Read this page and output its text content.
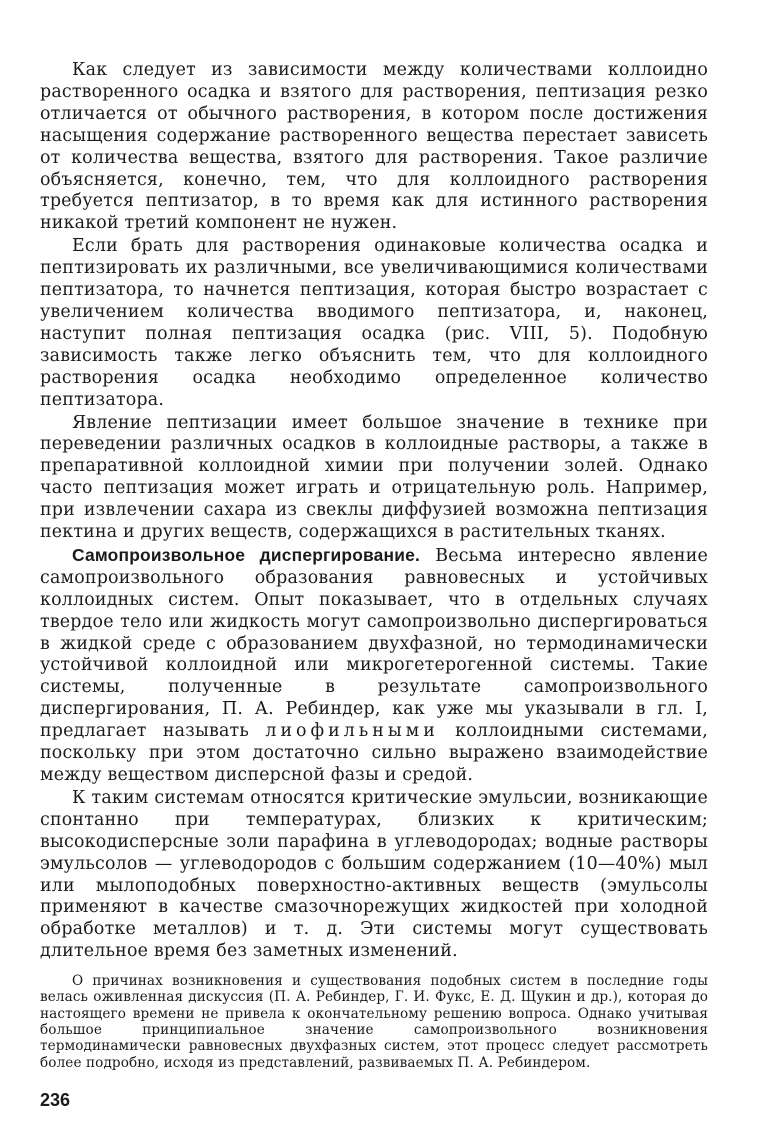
Как следует из зависимости между количествами коллоидно растворенного осадка и взятого для растворения, пептизация резко отличается от обычного растворения, в котором после достижения насыщения содержание растворенного вещества перестает зависеть от количества вещества, взятого для растворения. Такое различие объясняется, конечно, тем, что для коллоидного растворения требуется пептизатор, в то время как для истинного растворения никакой третий компонент не нужен.

Если брать для растворения одинаковые количества осадка и пептизировать их различными, все увеличивающимися количествами пептизатора, то начнется пептизация, которая быстро возрастает с увеличением количества вводимого пептизатора, и, наконец, наступит полная пептизация осадка (рис. VIII, 5). Подобную зависимость также легко объяснить тем, что для коллоидного растворения осадка необходимо определенное количество пептизатора.

Явление пептизации имеет большое значение в технике при переведении различных осадков в коллоидные растворы, а также в препаративной коллоидной химии при получении золей. Однако часто пептизация может играть и отрицательную роль. Например, при извлечении сахара из свеклы диффузией возможна пептизация пектина и других веществ, содержащихся в растительных тканях.

Самопроизвольное диспергирование. Весьма интересно явление самопроизвольного образования равновесных и устойчивых коллоидных систем. Опыт показывает, что в отдельных случаях твердое тело или жидкость могут самопроизвольно диспергироваться в жидкой среде с образованием двухфазной, но термодинамически устойчивой коллоидной или микрогетерогенной системы. Такие системы, полученные в результате самопроизвольного диспергирования, П. А. Ребиндер, как уже мы указывали в гл. I, предлагает называть лиофильными коллоидными системами, поскольку при этом достаточно сильно выражено взаимодействие между веществом дисперсной фазы и средой.

К таким системам относятся критические эмульсии, возникающие спонтанно при температурах, близких к критическим; высокодисперсные золи парафина в углеводородах; водные растворы эмульсолов — углеводородов с большим содержанием (10—40%) мыл или мылоподобных поверхностно-активных веществ (эмульсолы применяют в качестве смазочнорежущих жидкостей при холодной обработке металлов) и т. д. Эти системы могут существовать длительное время без заметных изменений.

О причинах возникновения и существования подобных систем в последние годы велась оживленная дискуссия (П. А. Ребиндер, Г. И. Фукс, Е. Д. Щукин и др.), которая до настоящего времени не привела к окончательному решению вопроса. Однако учитывая большое принципиальное значение самопроизвольного возникновения термодинамически равновесных двухфазных систем, этот процесс следует рассмотреть более подробно, исходя из представлений, развиваемых П. А. Ребиндером.

236
